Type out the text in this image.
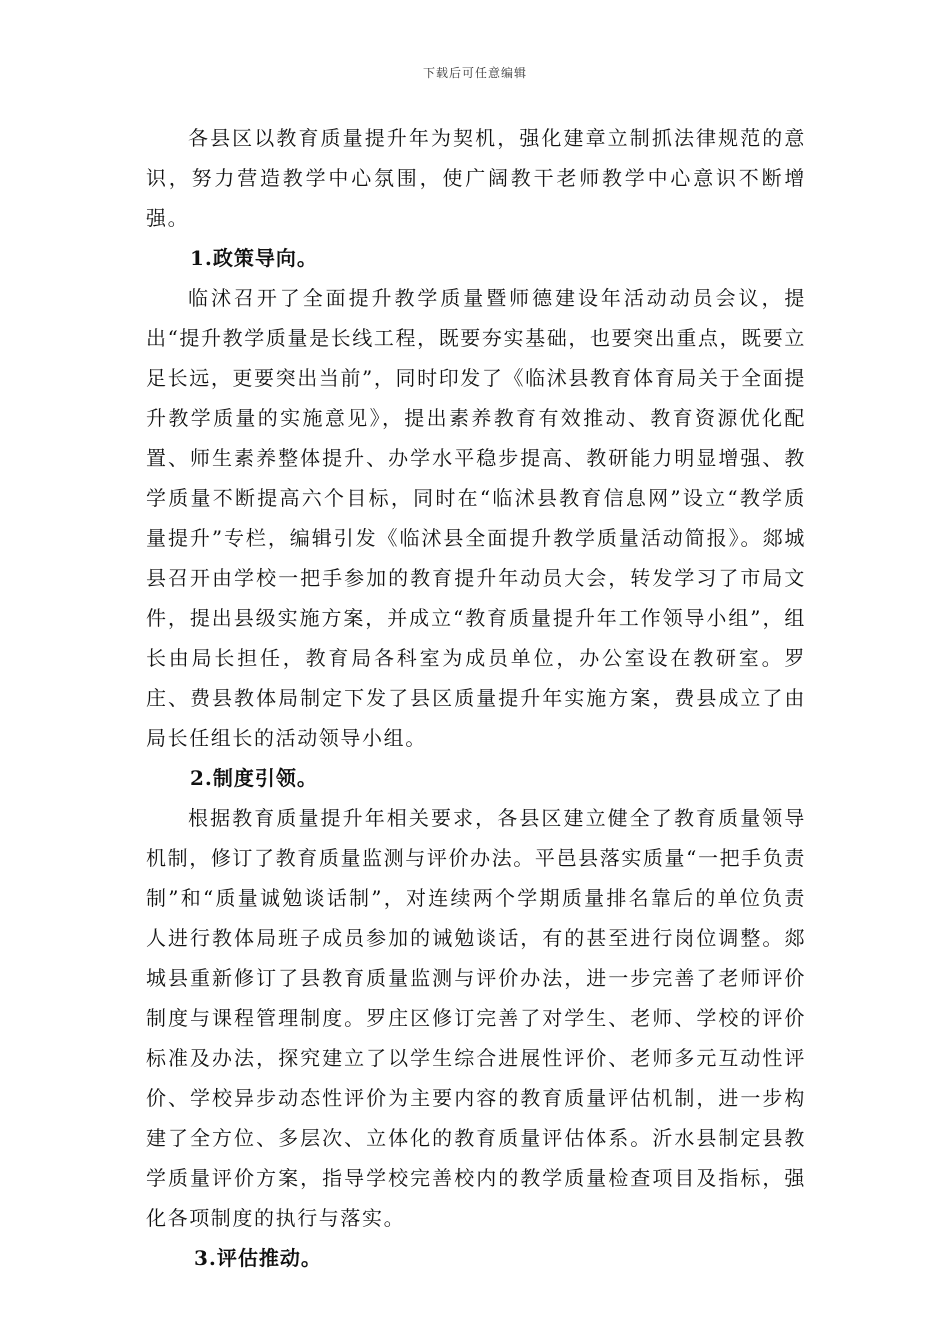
下载后可任意编辑

各县区以教育质量提升年为契机，强化建章立制抓法律规范的意识，努力营造教学中心氛围，使广阔教干老师教学中心意识不断增强。

1.政策导向。

临沭召开了全面提升教学质量暨师德建设年活动动员会议，提出“提升教学质量是长线工程，既要夯实基础，也要突出重点，既要立足长远，更要突出当前”，同时印发了《临沭县教育体育局关于全面提升教学质量的实施意见》，提出素养教育有效推动、教育资源优化配置、师生素养整体提升、办学水平稳步提高、教研能力明显增强、教学质量不断提高六个目标，同时在“临沭县教育信息网”设立“教学质量提升”专栏，编辑引发《临沭县全面提升教学质量活动简报》。郯城县召开由学校一把手参加的教育提升年动员大会，转发学习了市局文件，提出县级实施方案，并成立“教育质量提升年工作领导小组”，组长由局长担任，教育局各科室为成员单位，办公室设在教研室。罗庄、费县教体局制定下发了县区质量提升年实施方案，费县成立了由局长任组长的活动领导小组。

2.制度引领。

根据教育质量提升年相关要求，各县区建立健全了教育质量领导机制，修订了教育质量监测与评价办法。平邑县落实质量“一把手负责制”和“质量诚勉谈话制”，对连续两个学期质量排名靠后的单位负责人进行教体局班子成员参加的诫勉谈话，有的甚至进行岗位调整。郯城县重新修订了县教育质量监测与评价办法，进一步完善了老师评价制度与课程管理制度。罗庄区修订完善了对学生、老师、学校的评价标准及办法，探究建立了以学生综合进展性评价、老师多元互动性评价、学校异步动态性评价为主要内容的教育质量评估机制，进一步构建了全方位、多层次、立体化的教育质量评估体系。沂水县制定县教学质量评价方案，指导学校完善校内的教学质量检查项目及指标，强化各项制度的执行与落实。

3.评估推动。
